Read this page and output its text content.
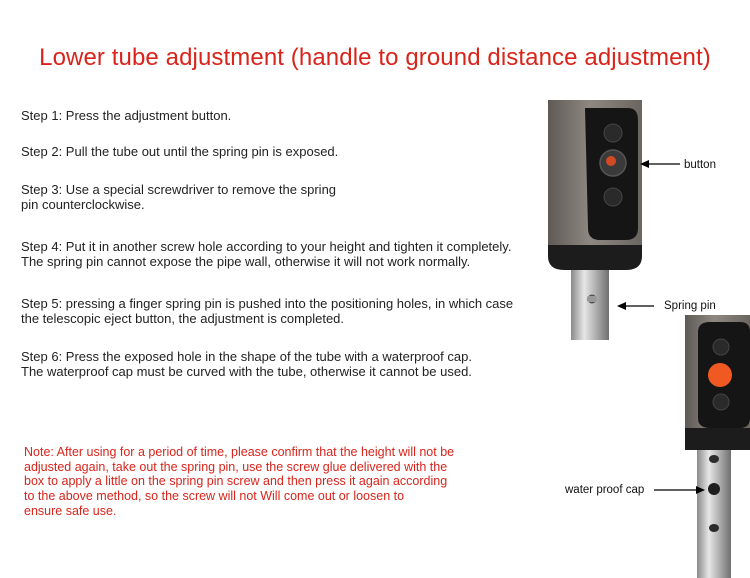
Lower tube adjustment (handle to ground distance adjustment)
Step 1: Press the adjustment button.
Step 2: Pull the tube out until the spring pin is exposed.
Step 3: Use a special screwdriver to remove the spring
pin counterclockwise.
Step 4: Put it in another screw hole according to your height and tighten it completely.
The spring pin cannot expose the pipe wall, otherwise it will not work normally.
Step 5: pressing a finger spring pin is pushed into the positioning holes, in which case
the telescopic eject button, the adjustment is completed.
Step 6: Press the exposed hole in the shape of the tube with a waterproof cap.
The waterproof cap must be curved with the tube, otherwise it cannot be used.
Note: After using for a period of time, please confirm that the height will not be
adjusted again, take out the spring pin, use the screw glue delivered with the
box to apply a little on the spring pin screw and then press it again according
to the above method, so the screw will not Will come out or loosen to
ensure safe use.
button
Spring pin
water proof cap
